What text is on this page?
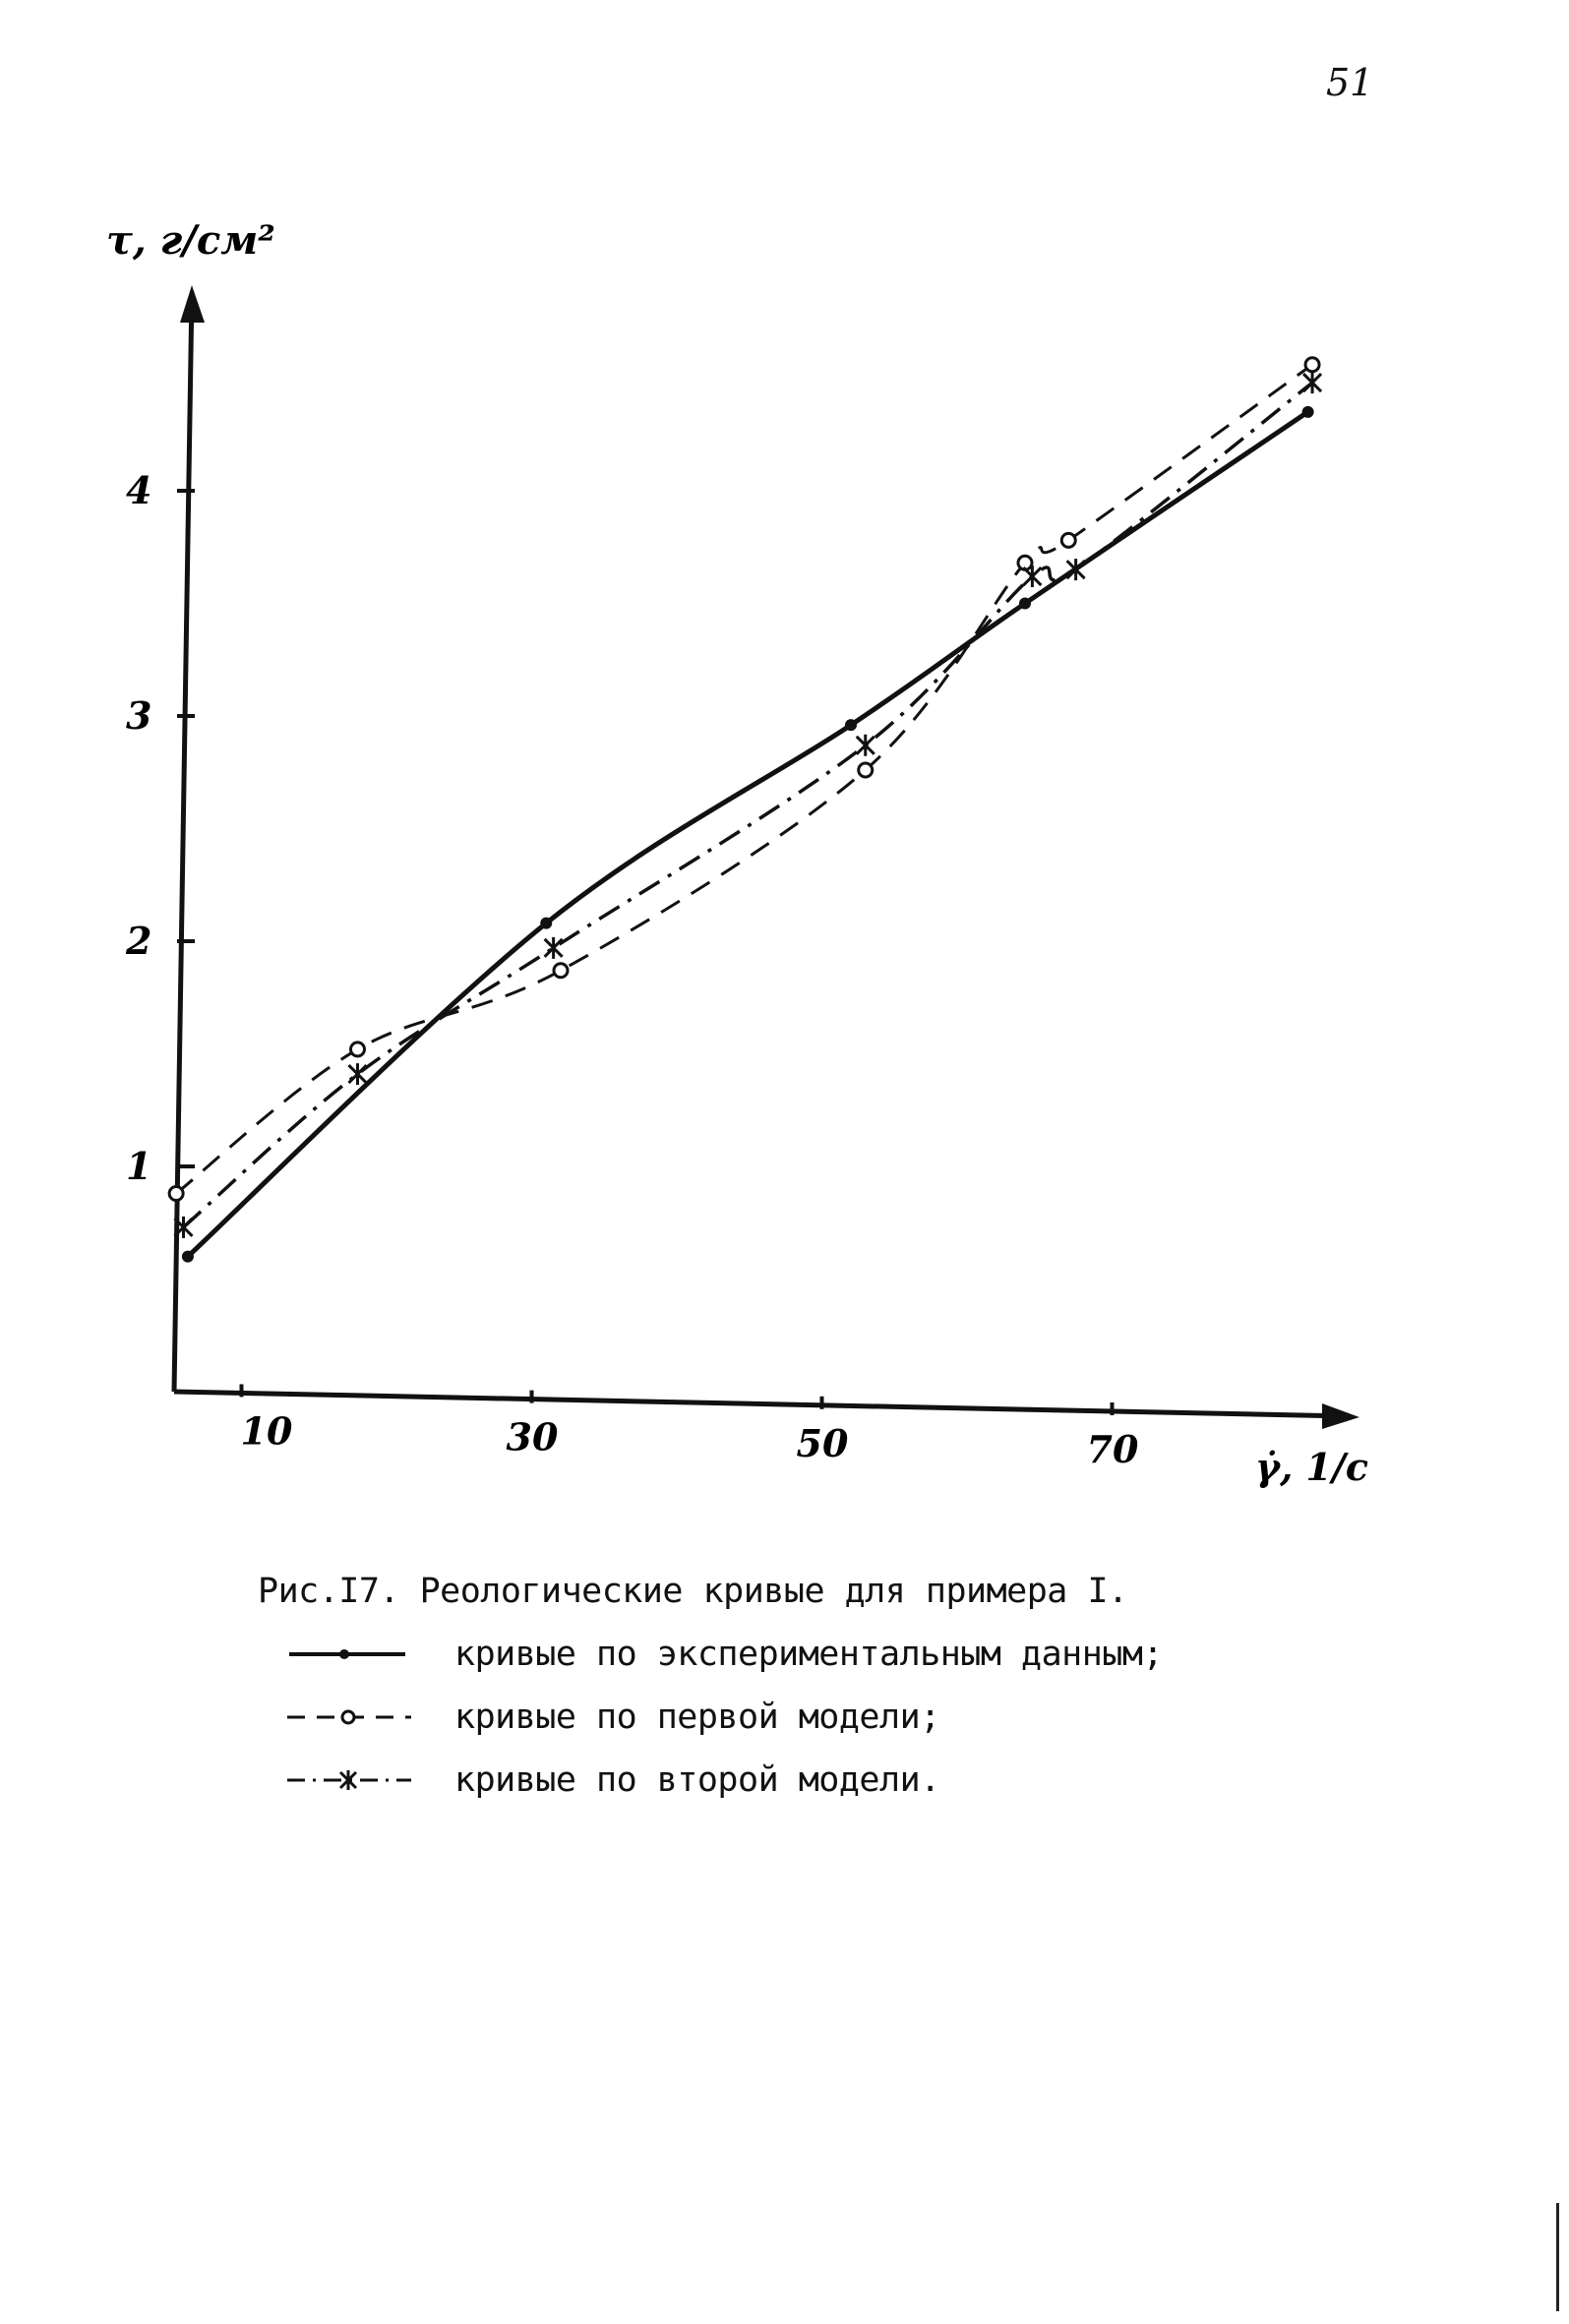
51
1
2
3
4
10	30	50	70
τ, г/см²
γ̇, 1/с
Рис.I7. Реологические кривые для примера I.
кривые по экспериментальным данным;
кривые по первой модели;
кривые по второй модели.
